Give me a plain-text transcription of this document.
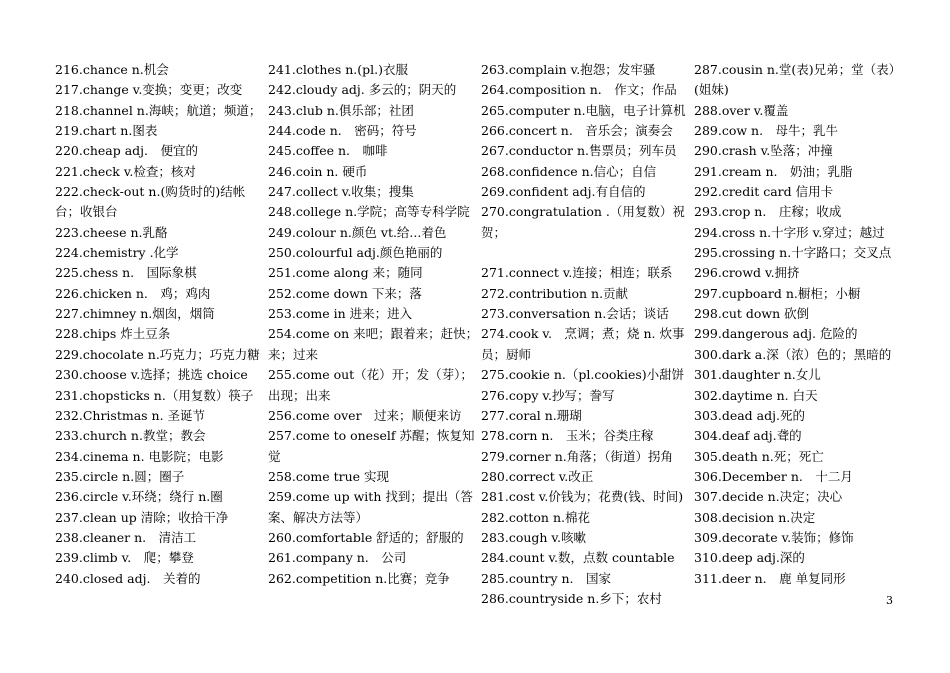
216.chance n.机会
217.change v.变换；变更；改变
218.channel n.海峡；航道；频道；
219.chart n.图表
220.cheap adj.　便宜的
221.check v.检查；核对
222.check-out n.(购货时的)结帐台；收银台
223.cheese n.乳酪
224.chemistry .化学
225.chess n.　国际象棋
226.chicken n.　鸡；鸡肉
227.chimney n.烟囱，烟筒
228.chips 炸土豆条
229.chocolate n.巧克力；巧克力糖
230.choose v.选择；挑选 choice
231.chopsticks n.（用复数）筷子
232.Christmas n. 圣诞节
233.church n.教堂；教会
234.cinema n. 电影院；电影
235.circle n.圆；圈子
236.circle v.环绕；绕行 n.圈
237.clean up 清除；收拾干净
238.cleaner n.　清洁工
239.climb v.　爬；攀登
240.closed adj.　关着的
241.clothes n.(pl.)衣服
242.cloudy adj. 多云的；阴天的
243.club n.俱乐部；社团
244.code n.　密码；符号
245.coffee n.　咖啡
246.coin n. 硬币
247.collect v.收集；搜集
248.college n.学院；高等专科学院
249.colour n.颜色 vt.给...着色
250.colourful adj.颜色艳丽的
251.come along 来；随同
252.come down 下来；落
253.come in 进来；进入
254.come on 来吧；跟着来；赶快；来；过来
255.come out（花）开；发（芽）；出现；出来
256.come over　过来；顺便来访
257.come to oneself 苏醒；恢复知觉
258.come true 实现
259.come up with 找到；提出（答案、解决方法等）
260.comfortable 舒适的；舒服的
261.company n.　公司
262.competition n.比赛；竞争
263.complain v.抱怨；发牢骚
264.composition n.　作文；作品
265.computer n.电脑，电子计算机
266.concert n.　音乐会；演奏会
267.conductor n.售票员；列车员
268.confidence n.信心；自信
269.confident adj.有自信的
270.congratulation .（用复数）祝贺；

271.connect v.连接；相连；联系
272.contribution n.贡献
273.conversation n.会话；谈话
274.cook v.　烹调；煮；烧 n. 炊事员；厨师
275.cookie n.（pl.cookies)小甜饼
276.copy v.抄写；誊写
277.coral n.珊瑚
278.corn n.　玉米；谷类庄稼
279.corner n.角落；（街道）拐角
280.correct v.改正
281.cost v.价钱为；花费(钱、时间)
282.cotton n.棉花
283.cough v.咳嗽
284.count v.数，点数 countable
285.country n.　国家
286.countryside n.乡下；农村
287.cousin n.堂(表)兄弟；堂（表）(姐妹)
288.over v.覆盖
289.cow n.　母牛；乳牛
290.crash v.坠落；冲撞
291.cream n.　奶油；乳脂
292.credit card 信用卡
293.crop n.　庄稼；收成
294.cross n.十字形 v.穿过；越过
295.crossing n.十字路口；交叉点
296.crowd v.拥挤
297.cupboard n.橱柜；小橱
298.cut down 砍倒
299.dangerous adj. 危险的
300.dark a.深（浓）色的；黑暗的
301.daughter n.女儿
302.daytime n. 白天
303.dead adj.死的
304.deaf adj.聋的
305.death n.死；死亡
306.December n.　十二月
307.decide n.决定；决心
308.decision n.决定
309.decorate v.装饰；修饰
310.deep adj.深的
311.deer n.　鹿 单复同形
3
